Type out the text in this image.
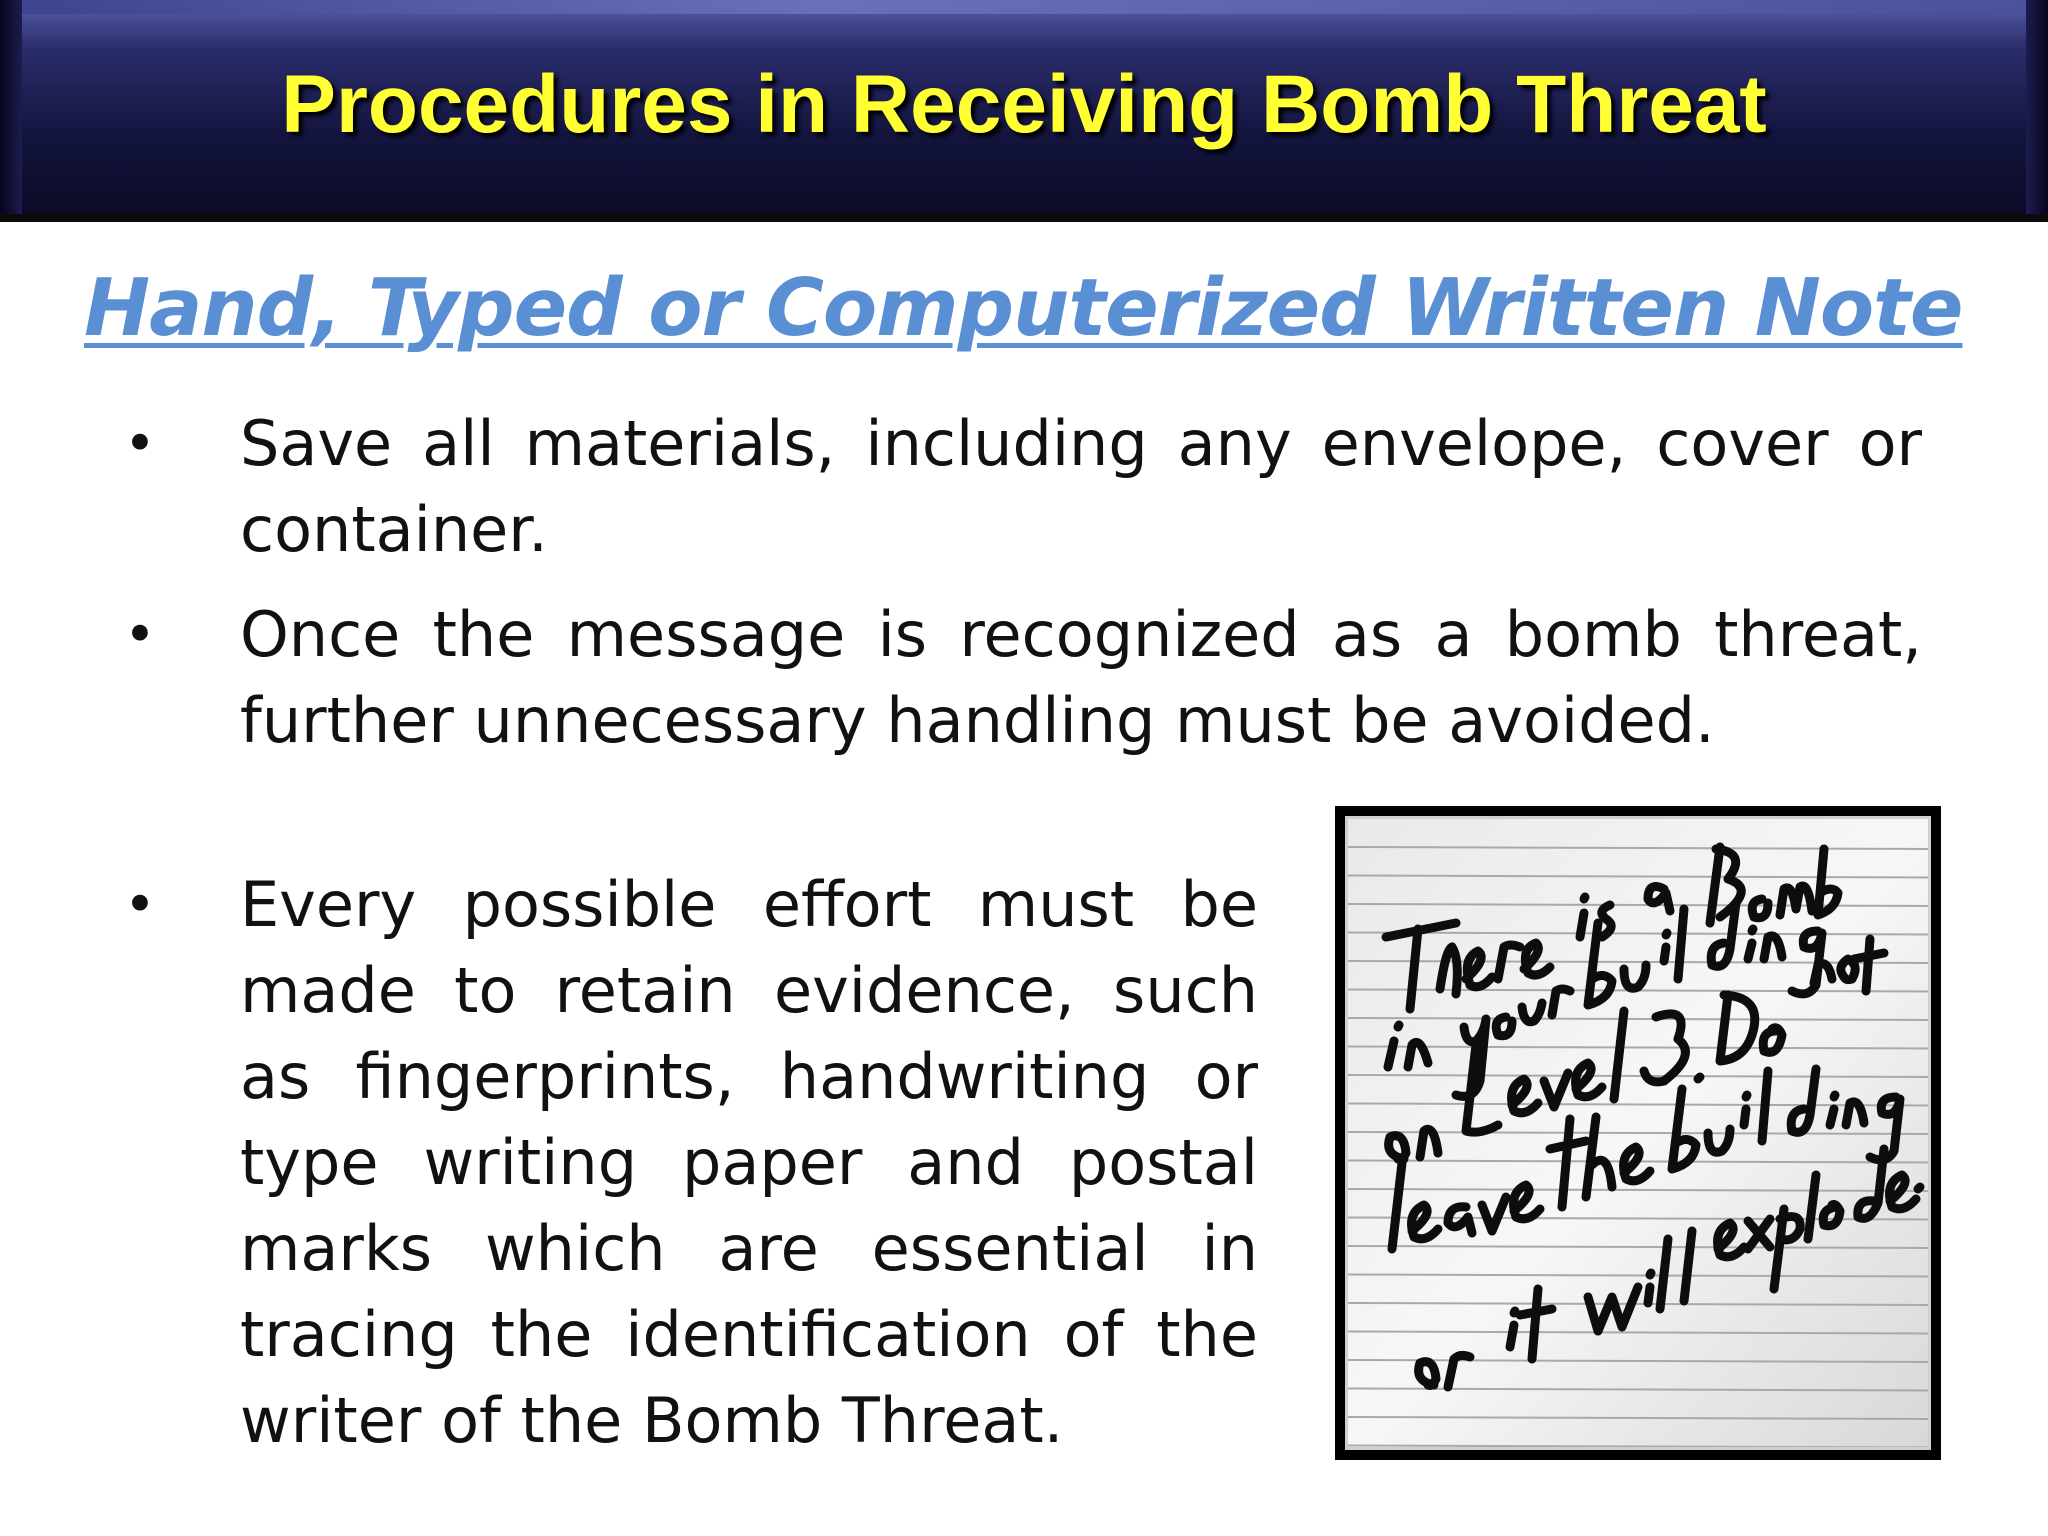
Procedures in Receiving Bomb Threat
Hand, Typed or Computerized Written Note
• Save all materials, including any envelope, cover or container.
• Once the message is recognized as a bomb threat, further unnecessary handling must be avoided.
• Every possible effort must be made to retain evidence, such as fingerprints, handwriting or type writing paper and postal marks which are essential in tracing the identification of the writer of the Bomb Threat.
